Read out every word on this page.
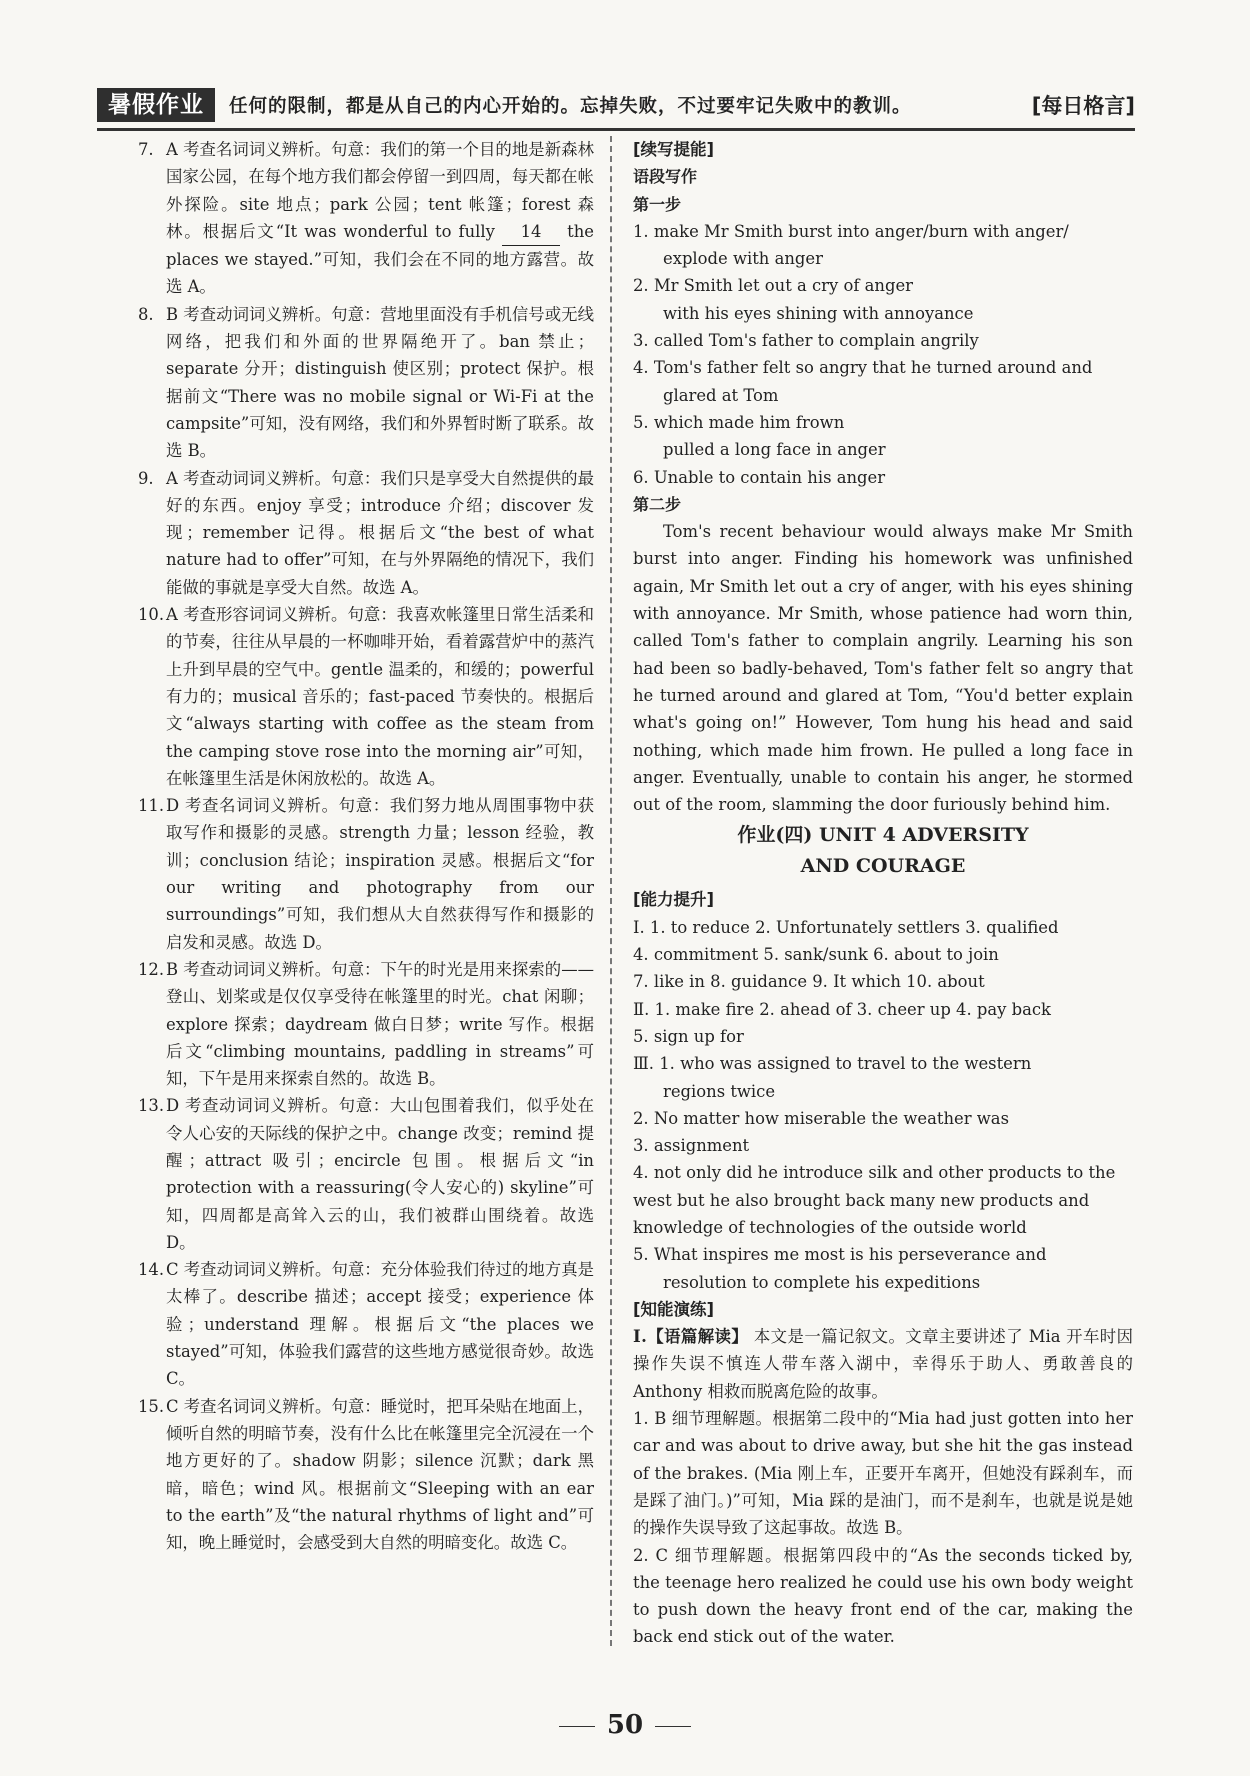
暑假作业	任何的限制，都是从自己的内心开始的。忘掉失败，不过要牢记失败中的教训。	[每日格言]

7. A 考查名词词义辨析。句意：我们的第一个目的地是新森林国家公园，在每个地方我们都会停留一到四周，每天都在帐外探险。site 地点；park 公园；tent 帐篷；forest 森林。根据后文“It was wonderful to fully 14 the places we stayed.”可知，我们会在不同的地方露营。故选 A。

8. B 考查动词词义辨析。句意：营地里面没有手机信号或无线网络，把我们和外面的世界隔绝开了。ban 禁止；separate 分开；distinguish 使区别；protect 保护。根据前文“There was no mobile signal or Wi-Fi at the campsite”可知，没有网络，我们和外界暂时断了联系。故选 B。

9. A 考查动词词义辨析。句意：我们只是享受大自然提供的最好的东西。enjoy 享受；introduce 介绍；discover 发现；remember 记得。根据后文“the best of what nature had to offer”可知，在与外界隔绝的情况下，我们能做的事就是享受大自然。故选 A。

10. A 考查形容词词义辨析。句意：我喜欢帐篷里日常生活柔和的节奏，往往从早晨的一杯咖啡开始，看着露营炉中的蒸汽上升到早晨的空气中。gentle 温柔的，和缓的；powerful 有力的；musical 音乐的；fast-paced 节奏快的。根据后文“always starting with coffee as the steam from the camping stove rose into the morning air”可知，在帐篷里生活是休闲放松的。故选 A。

11. D 考查名词词义辨析。句意：我们努力地从周围事物中获取写作和摄影的灵感。strength 力量；lesson 经验，教训；conclusion 结论；inspiration 灵感。根据后文“for our writing and photography from our surroundings”可知，我们想从大自然获得写作和摄影的启发和灵感。故选 D。

12. B 考查动词词义辨析。句意：下午的时光是用来探索的——登山、划桨或是仅仅享受待在帐篷里的时光。chat 闲聊；explore 探索；daydream 做白日梦；write 写作。根据后文“climbing mountains, paddling in streams”可知，下午是用来探索自然的。故选 B。

13. D 考查动词词义辨析。句意：大山包围着我们，似乎处在令人心安的天际线的保护之中。change 改变；remind 提醒；attract 吸引；encircle 包围。根据后文“in protection with a reassuring(令人安心的) skyline”可知，四周都是高耸入云的山，我们被群山围绕着。故选 D。

14. C 考查动词词义辨析。句意：充分体验我们待过的地方真是太棒了。describe 描述；accept 接受；experience 体验；understand 理解。根据后文“the places we stayed”可知，体验我们露营的这些地方感觉很奇妙。故选 C。

15. C 考查名词词义辨析。句意：睡觉时，把耳朵贴在地面上，倾听自然的明暗节奏，没有什么比在帐篷里完全沉浸在一个地方更好的了。shadow 阴影；silence 沉默；dark 黑暗，暗色；wind 风。根据前文“Sleeping with an ear to the earth”及“the natural rhythms of light and”可知，晚上睡觉时，会感受到大自然的明暗变化。故选 C。

[续写提能]

语段写作

第一步

1. make Mr Smith burst into anger/burn with anger/

explode with anger

2. Mr Smith let out a cry of anger

with his eyes shining with annoyance

3. called Tom's father to complain angrily

4. Tom's father felt so angry that he turned around and

glared at Tom

5. which made him frown

pulled a long face in anger

6. Unable to contain his anger

第二步

Tom's recent behaviour would always make Mr Smith burst into anger. Finding his homework was unfinished again, Mr Smith let out a cry of anger, with his eyes shining with annoyance. Mr Smith, whose patience had worn thin, called Tom's father to complain angrily. Learning his son had been so badly-behaved, Tom's father felt so angry that he turned around and glared at Tom, “You'd better explain what's going on!” However, Tom hung his head and said nothing, which made him frown. He pulled a long face in anger. Eventually, unable to contain his anger, he stormed out of the room, slamming the door furiously behind him.

作业(四) UNIT 4 ADVERSITY
AND COURAGE

[能力提升]

Ⅰ. 1. to reduce 2. Unfortunately settlers 3. qualified

4. commitment 5. sank/sunk 6. about to join

7. like in 8. guidance 9. It which 10. about

Ⅱ. 1. make fire 2. ahead of 3. cheer up 4. pay back

5. sign up for

Ⅲ. 1. who was assigned to travel to the western

regions twice

2. No matter how miserable the weather was

3. assignment

4. not only did he introduce silk and other products to the

west but he also brought back many new products and

knowledge of technologies of the outside world

5. What inspires me most is his perseverance and

resolution to complete his expeditions

[知能演练]

Ⅰ.【语篇解读】 本文是一篇记叙文。文章主要讲述了 Mia 开车时因操作失误不慎连人带车落入湖中，幸得乐于助人、勇敢善良的 Anthony 相救而脱离危险的故事。

1. B 细节理解题。根据第二段中的“Mia had just gotten into her car and was about to drive away, but she hit the gas instead of the brakes. (Mia 刚上车，正要开车离开，但她没有踩刹车，而是踩了油门。)”可知，Mia 踩的是油门，而不是刹车，也就是说是她的操作失误导致了这起事故。故选 B。

2. C 细节理解题。根据第四段中的“As the seconds ticked by, the teenage hero realized he could use his own body weight to push down the heavy front end of the car, making the back end stick out of the water.

50
